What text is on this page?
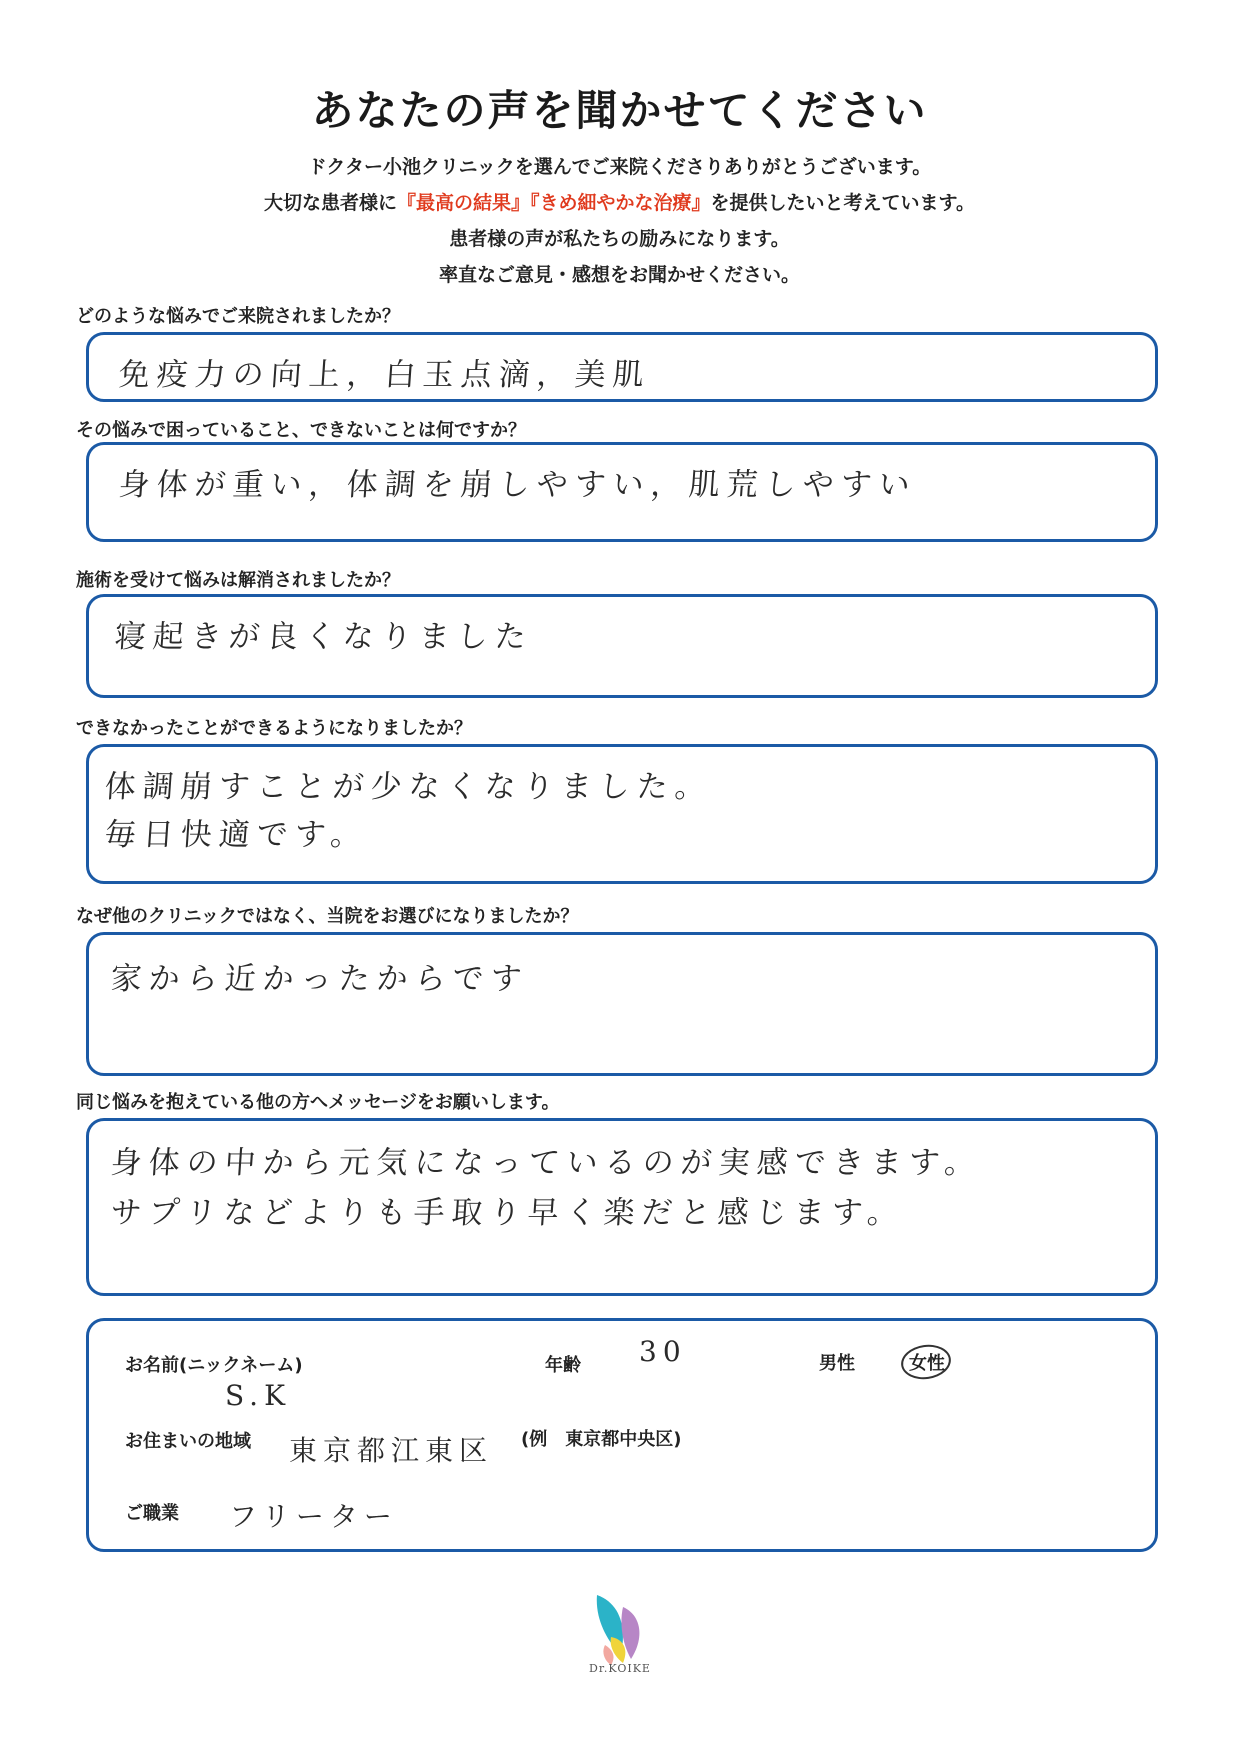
あなたの声を聞かせてください
ドクター小池クリニックを選んでご来院くださりありがとうございます。
大切な患者様に『最高の結果』『きめ細やかな治療』を提供したいと考えています。
患者様の声が私たちの励みになります。
率直なご意見・感想をお聞かせください。
どのような悩みでご来院されましたか？
免疫力の向上，白玉点滴，美肌
その悩みで困っていること、できないことは何ですか？
身体が重い，体調を崩しやすい，肌荒しやすい
施術を受けて悩みは解消されましたか？
寝起きが良くなりました
できなかったことができるようになりましたか？
体調崩すことが少なくなりました。
毎日快適です。
なぜ他のクリニックではなく、当院をお選びになりましたか？
家から近かったからです
同じ悩みを抱えている他の方へメッセージをお願いします。
身体の中から元気になっているのが実感できます。
サプリなどよりも手取り早く楽だと感じます。
お名前(ニックネーム)
S.K
年齢 30	男性	女性
お住まいの地域 東京都江東区 (例　東京都中央区)
ご職業 フリーター
Dr.KOIKE
